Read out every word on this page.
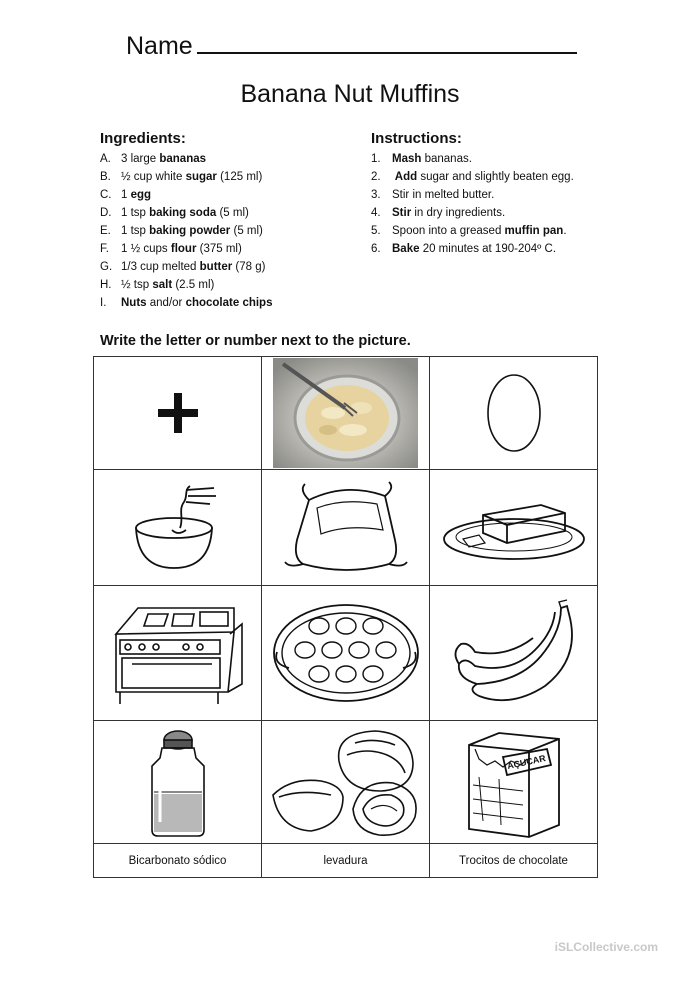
Name
Banana Nut Muffins
Ingredients:
A. 3 large bananas
B. ½ cup white sugar (125 ml)
C. 1 egg
D. 1 tsp baking soda (5 ml)
E. 1 tsp baking powder (5 ml)
F. 1 ½ cups flour (375 ml)
G. 1/3 cup melted butter (78 g)
H. ½ tsp salt (2.5 ml)
I. Nuts and/or chocolate chips
Instructions:
1. Mash bananas.
2. Add sugar and slightly beaten egg.
3. Stir in melted butter.
4. Stir in dry ingredients.
5. Spoon into a greased muffin pan.
6. Bake 20 minutes at 190-204º C.
Write the letter or number next to the picture.

AÇUCAR

Bicarbonato sódico	levadura	Trocitos de chocolate
iSLCollective.com
